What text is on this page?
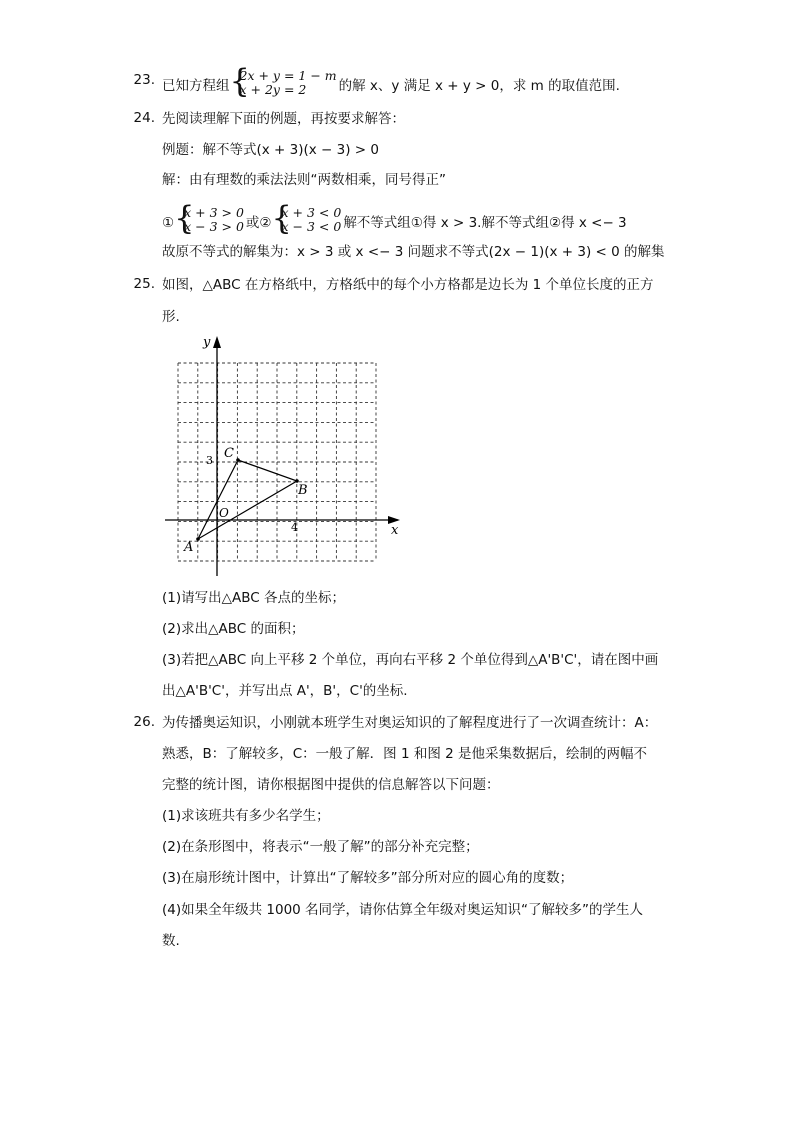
23. 已知方程组
{ 2x + y = 1 − m
x + 2y = 2	的解 x、y 满足 x + y > 0，求 m 的取值范围.
24. 先阅读理解下面的例题，再按要求解答：
例题：解不等式(x + 3)(x − 3) > 0
解：由有理数的乘法法则“两数相乘，同号得正”
①
{ x + 3 > 0
x − 3 > 0 或②
{ x + 3 < 0
x − 3 < 0 解不等式组①得 x > 3.解不等式组②得 x <− 3
故原不等式的解集为：x > 3 或 x <− 3 问题求不等式(2x − 1)(x + 3) < 0 的解集
25. 如图，△ABC 在方格纸中，方格纸中的每个小方格都是边长为 1 个单位长度的正方
形.
y
x
O
3
4
A
B
C
(1)请写出△ABC 各点的坐标；
(2)求出△ABC 的面积；
(3)若把△ABC 向上平移 2 个单位，再向右平移 2 个单位得到△A'B'C'，请在图中画
出△A'B'C'，并写出点 A'，B'，C'的坐标.
26. 为传播奥运知识，小刚就本班学生对奥运知识的了解程度进行了一次调查统计：A：
熟悉，B：了解较多，C：一般了解．图 1 和图 2 是他采集数据后，绘制的两幅不
完整的统计图，请你根据图中提供的信息解答以下问题：
(1)求该班共有多少名学生；
(2)在条形图中，将表示“一般了解”的部分补充完整；
(3)在扇形统计图中，计算出“了解较多”部分所对应的圆心角的度数；
(4)如果全年级共 1000 名同学，请你估算全年级对奥运知识“了解较多”的学生人
数.
